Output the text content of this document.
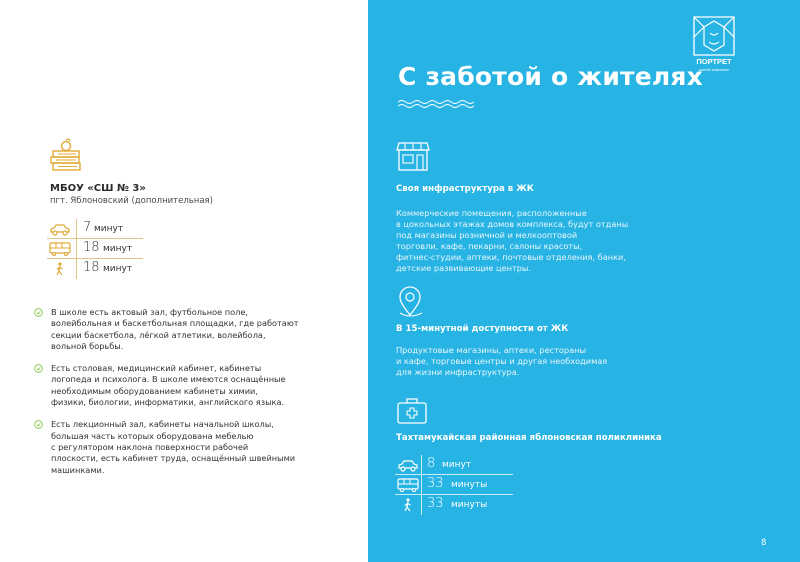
МБОУ «СШ № 3»
пгт. Яблоновский (дополнительная)
7 минут
18 минут
18 минут
В школе есть актовый зал, футбольное поле,
волейбольная и баскетбольная площадки, где работают
секции баскетбола, лёгкой атлетики, волейбола,
вольной борьбы.
Есть столовая, медицинский кабинет, кабинеты
логопеда и психолога. В школе имеются оснащённые
необходимым оборудованием кабинеты химии,
физики, биологии, информатики, английского языка.
Есть лекционный зал, кабинеты начальной школы,
большая часть которых оборудована мебелью
с регулятором наклона поверхности рабочей
плоскости, есть кабинет труда, оснащённый швейными
машинками.
ПОРТРЕТ
жилой комплекс
С заботой о жителях
Своя инфраструктура в ЖК
Коммерческие помещения, расположенные
в цокольных этажах домов комплекса, будут отданы
под магазины розничной и мелкооптовой
торговли, кафе, пекарни, салоны красоты,
фитнес-студии, аптеки, почтовые отделения, банки,
детские развивающие центры.
В 15-минутной доступности от ЖК
Продуктовые магазины, аптеки, рестораны
и кафе, торговые центры и другая необходимая
для жизни инфраструктура.
Тахтамукайская районная яблоновская поликлиника
8 минут
33 минуты
33 минуты
8
